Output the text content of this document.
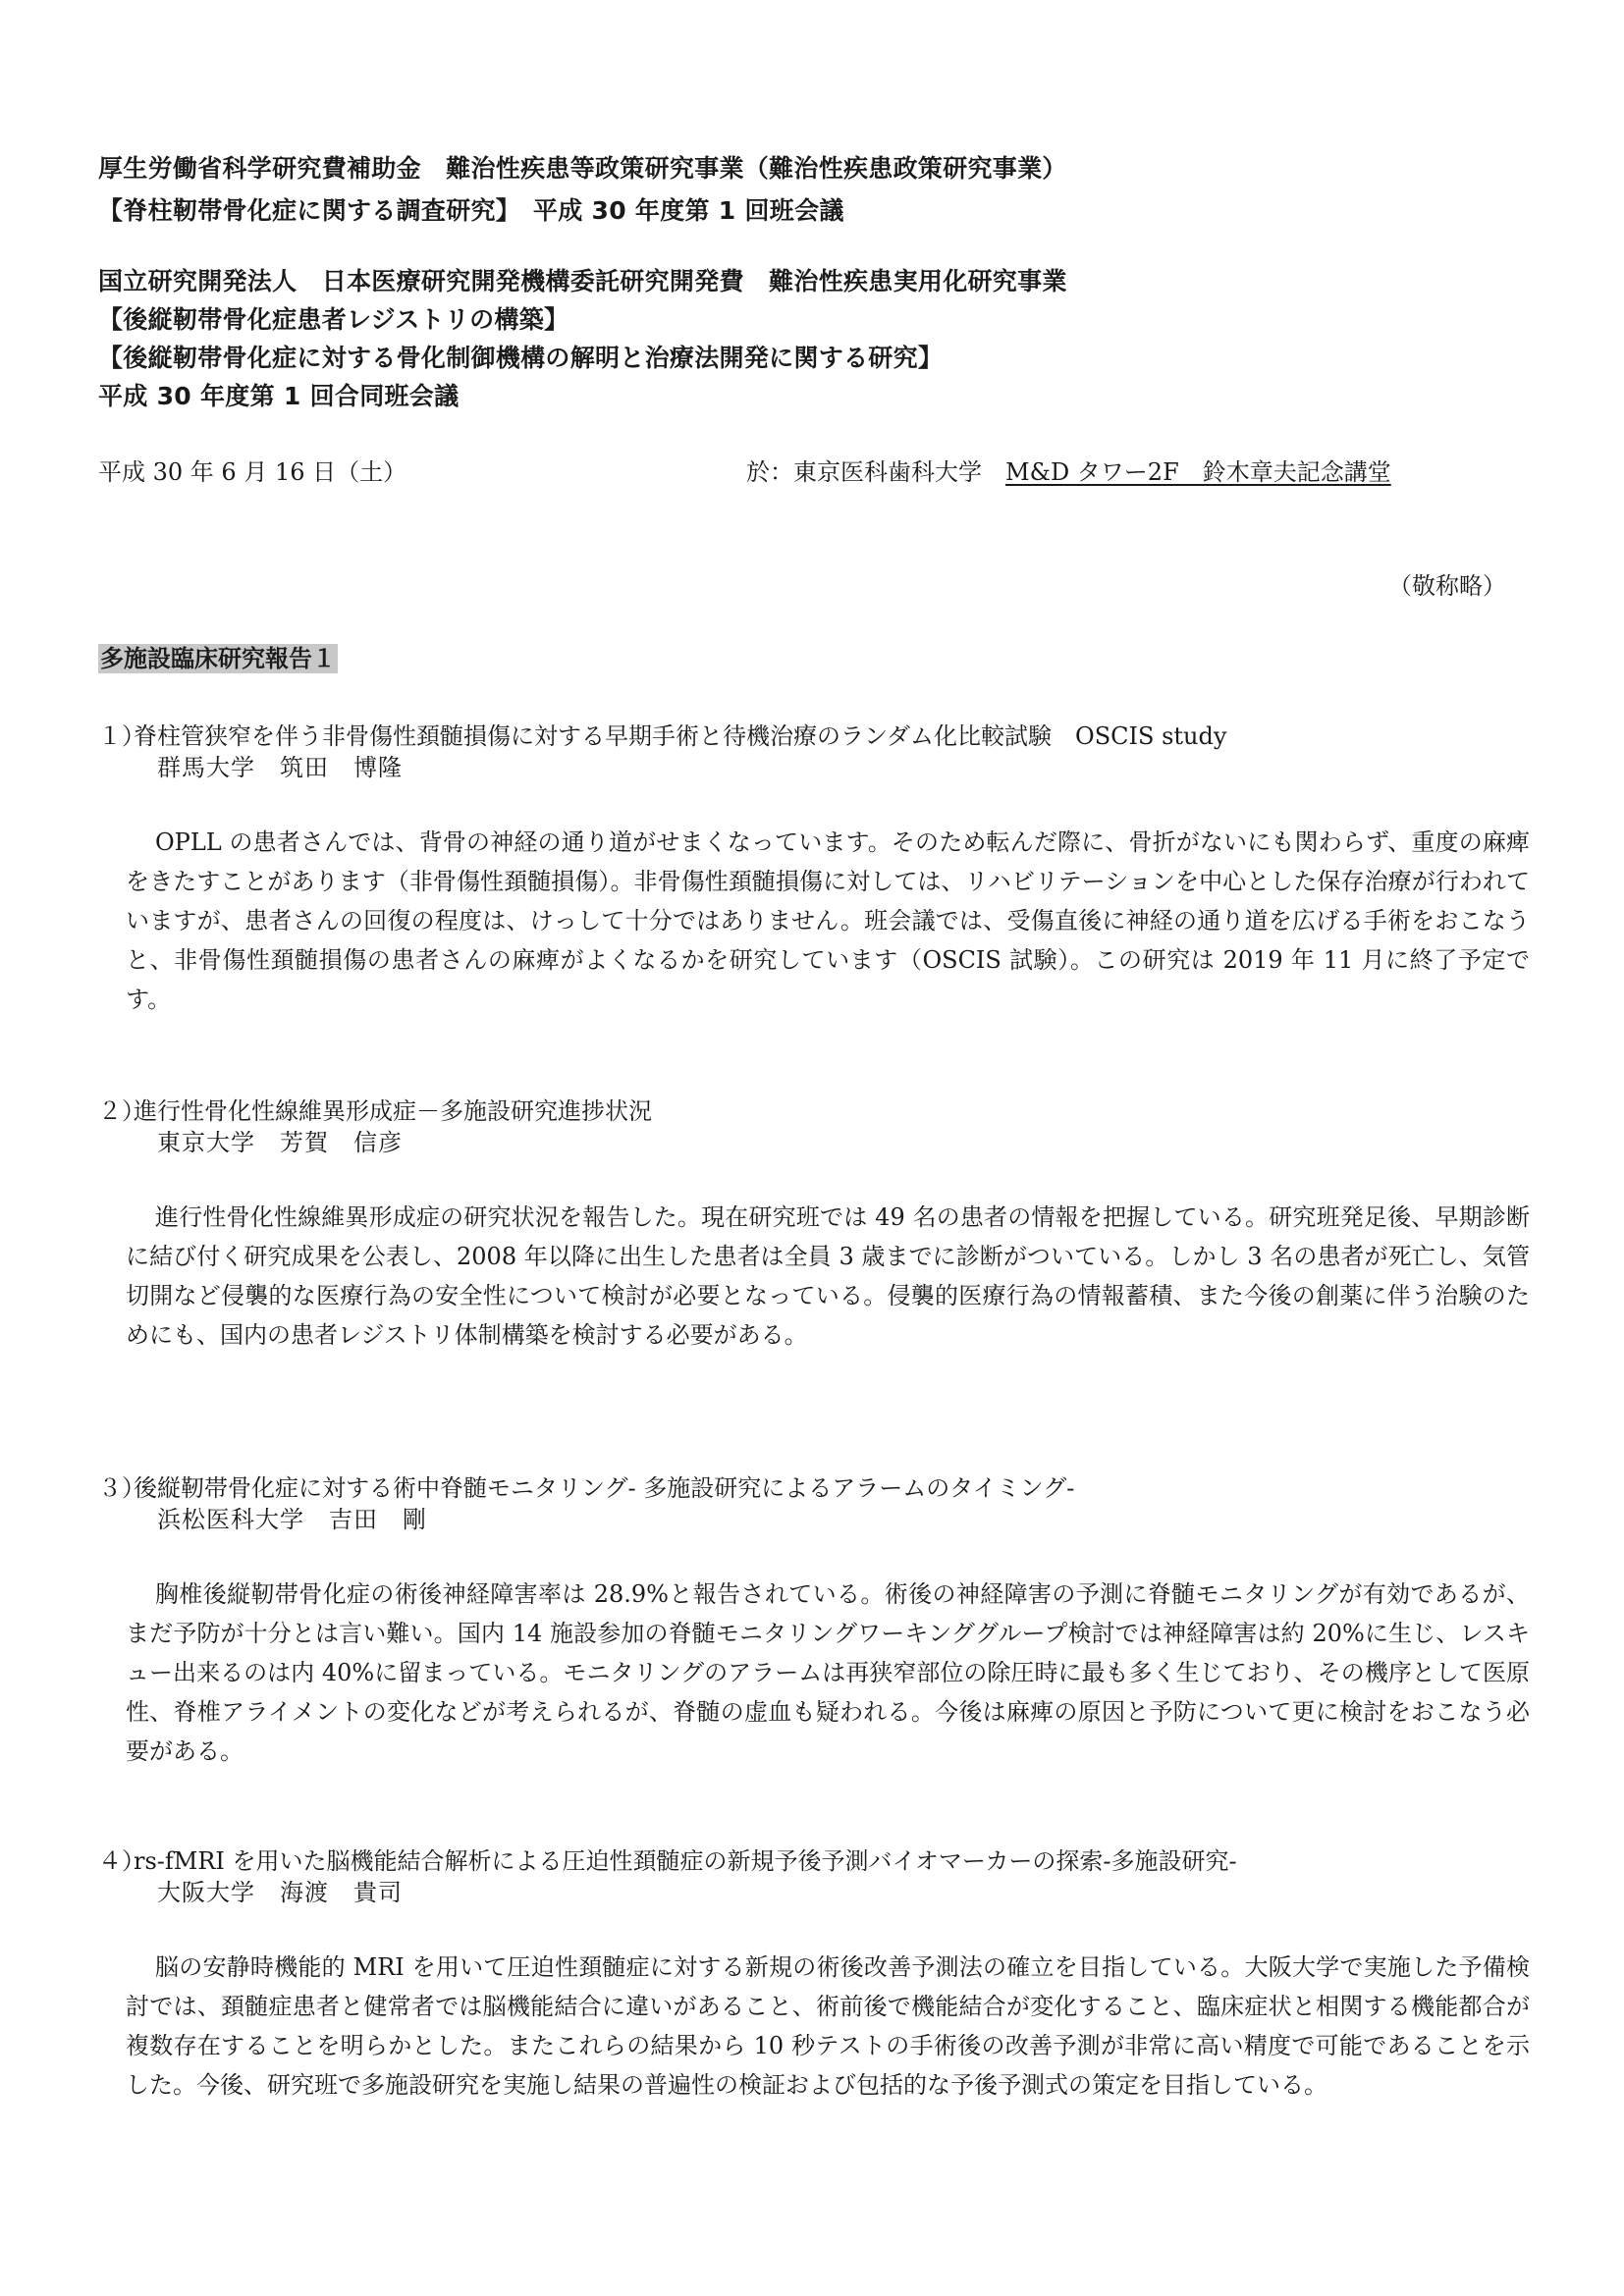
厚生労働省科学研究費補助金　難治性疾患等政策研究事業（難治性疾患政策研究事業）
【脊柱靭帯骨化症に関する調査研究】　平成 30 年度第 1 回班会議
国立研究開発法人　日本医療研究開発機構委託研究開発費　難治性疾患実用化研究事業
【後縦靭帯骨化症患者レジストリの構築】
【後縦靭帯骨化症に対する骨化制御機構の解明と治療法開発に関する研究】
平成 30 年度第 1 回合同班会議
平成 30 年 6 月 16 日（土）	於：東京医科歯科大学　M&D タワー2F　鈴木章夫記念講堂
（敬称略）
多施設臨床研究報告１
１）
脊柱管狭窄を伴う非骨傷性頚髄損傷に対する早期手術と待機治療のランダム化比較試験　OSCIS study
群馬大学　筑田　博隆
OPLL の患者さんでは、背骨の神経の通り道がせまくなっています。そのため転んだ際に、骨折がないにも関わらず、重度の麻痺をきたすことがあります（非骨傷性頚髄損傷）。非骨傷性頚髄損傷に対しては、リハビリテーションを中心とした保存治療が行われていますが、患者さんの回復の程度は、けっして十分ではありません。班会議では、受傷直後に神経の通り道を広げる手術をおこなうと、非骨傷性頚髄損傷の患者さんの麻痺がよくなるかを研究しています（OSCIS 試験）。この研究は 2019 年 11 月に終了予定です。
２）
進行性骨化性線維異形成症－多施設研究進捗状況
東京大学　芳賀　信彦
進行性骨化性線維異形成症の研究状況を報告した。現在研究班では 49 名の患者の情報を把握している。研究班発足後、早期診断に結び付く研究成果を公表し、2008 年以降に出生した患者は全員 3 歳までに診断がついている。しかし 3 名の患者が死亡し、気管切開など侵襲的な医療行為の安全性について検討が必要となっている。侵襲的医療行為の情報蓄積、また今後の創薬に伴う治験のためにも、国内の患者レジストリ体制構築を検討する必要がある。
３）
後縦靭帯骨化症に対する術中脊髄モニタリング- 多施設研究によるアラームのタイミング-
浜松医科大学　吉田　剛
胸椎後縦靭帯骨化症の術後神経障害率は 28.9%と報告されている。術後の神経障害の予測に脊髄モニタリングが有効であるが、まだ予防が十分とは言い難い。国内 14 施設参加の脊髄モニタリングワーキンググループ検討では神経障害は約 20%に生じ、レスキュー出来るのは内 40%に留まっている。モニタリングのアラームは再狭窄部位の除圧時に最も多く生じており、その機序として医原性、脊椎アライメントの変化などが考えられるが、脊髄の虚血も疑われる。今後は麻痺の原因と予防について更に検討をおこなう必要がある。
４）
rs-fMRI を用いた脳機能結合解析による圧迫性頚髄症の新規予後予測バイオマーカーの探索-多施設研究-
大阪大学　海渡　貴司
脳の安静時機能的 MRI を用いて圧迫性頚髄症に対する新規の術後改善予測法の確立を目指している。大阪大学で実施した予備検討では、頚髄症患者と健常者では脳機能結合に違いがあること、術前後で機能結合が変化すること、臨床症状と相関する機能都合が複数存在することを明らかとした。またこれらの結果から 10 秒テストの手術後の改善予測が非常に高い精度で可能であることを示した。今後、研究班で多施設研究を実施し結果の普遍性の検証および包括的な予後予測式の策定を目指している。
